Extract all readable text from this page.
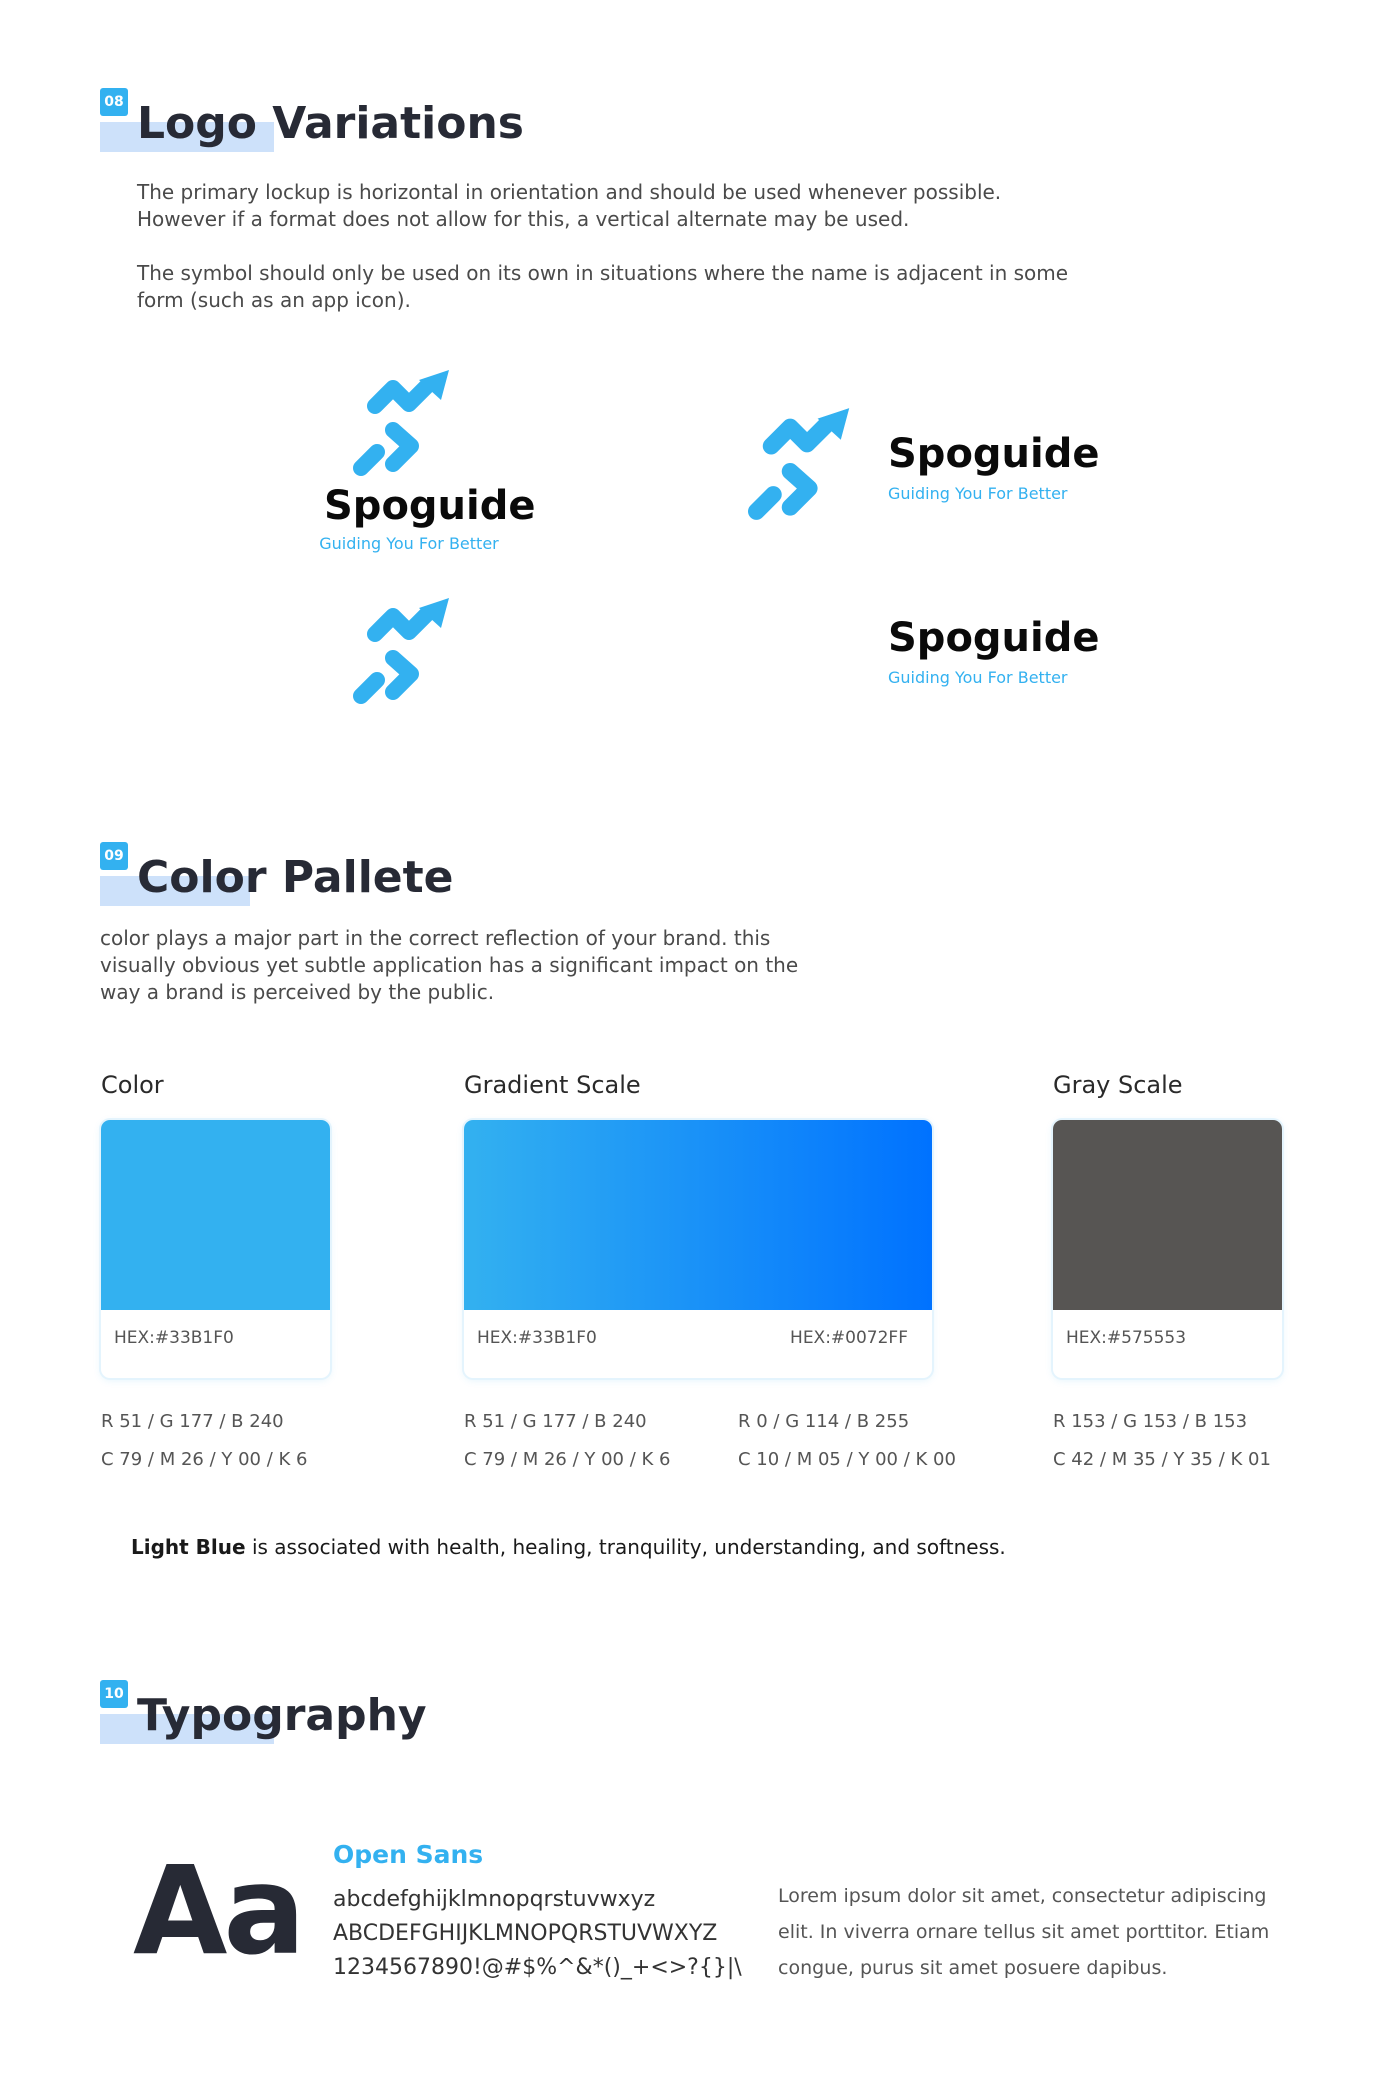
08 Logo Variations
The primary lockup is horizontal in orientation and should be used whenever possible. However if a format does not allow for this, a vertical alternate may be used.
The symbol should only be used on its own in situations where the name is adjacent in some form (such as an app icon).
Spoguide
Guiding You For Better
Spoguide
Guiding You For Better
Spoguide
Guiding You For Better
09 Color Pallete
color plays a major part in the correct reflection of your brand. this visually obvious yet subtle application has a significant impact on the way a brand is perceived by the public.
Color
HEX:#33B1F0
R 51 / G 177 / B 240
C 79 / M 26 / Y 00 / K 6
Gradient Scale
HEX:#33B1F0	HEX:#0072FF
R 51 / G 177 / B 240
C 79 / M 26 / Y 00 / K 6
R 0 / G 114 / B 255
C 10 / M 05 / Y 00 / K 00
Gray Scale
HEX:#575553
R 153 / G 153 / B 153
C 42 / M 35 / Y 35 / K 01
Light Blue is associated with health, healing, tranquility, understanding, and softness.
10 Typography
Aa Open Sans
abcdefghijklmnopqrstuvwxyz
ABCDEFGHIJKLMNOPQRSTUVWXYZ
1234567890!@#$%^&*()_+<>?{}|\
Lorem ipsum dolor sit amet, consectetur adipiscing elit. In viverra ornare tellus sit amet porttitor. Etiam congue, purus sit amet posuere dapibus.
